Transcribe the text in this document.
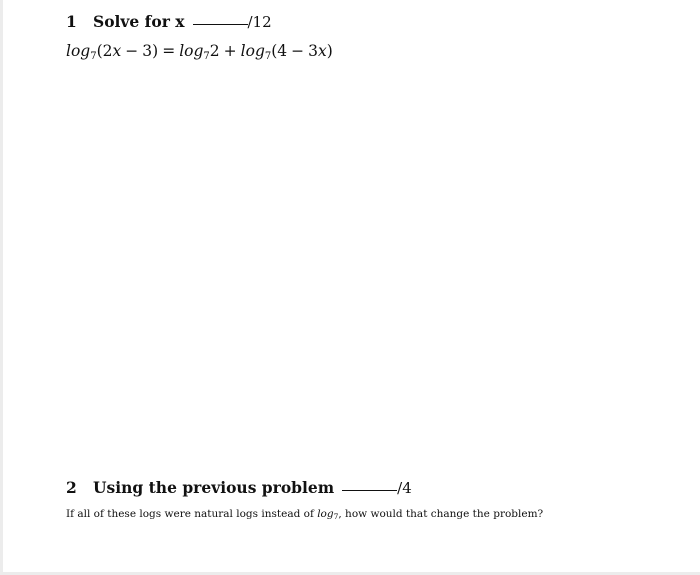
1	Solve for x	/12
$\log_7(2x - 3) = \log_72 + \log_7(4 - 3x)$
2	Using the previous problem	/4
If all of these logs were natural logs instead of $\log_7$, how would that change the problem?
